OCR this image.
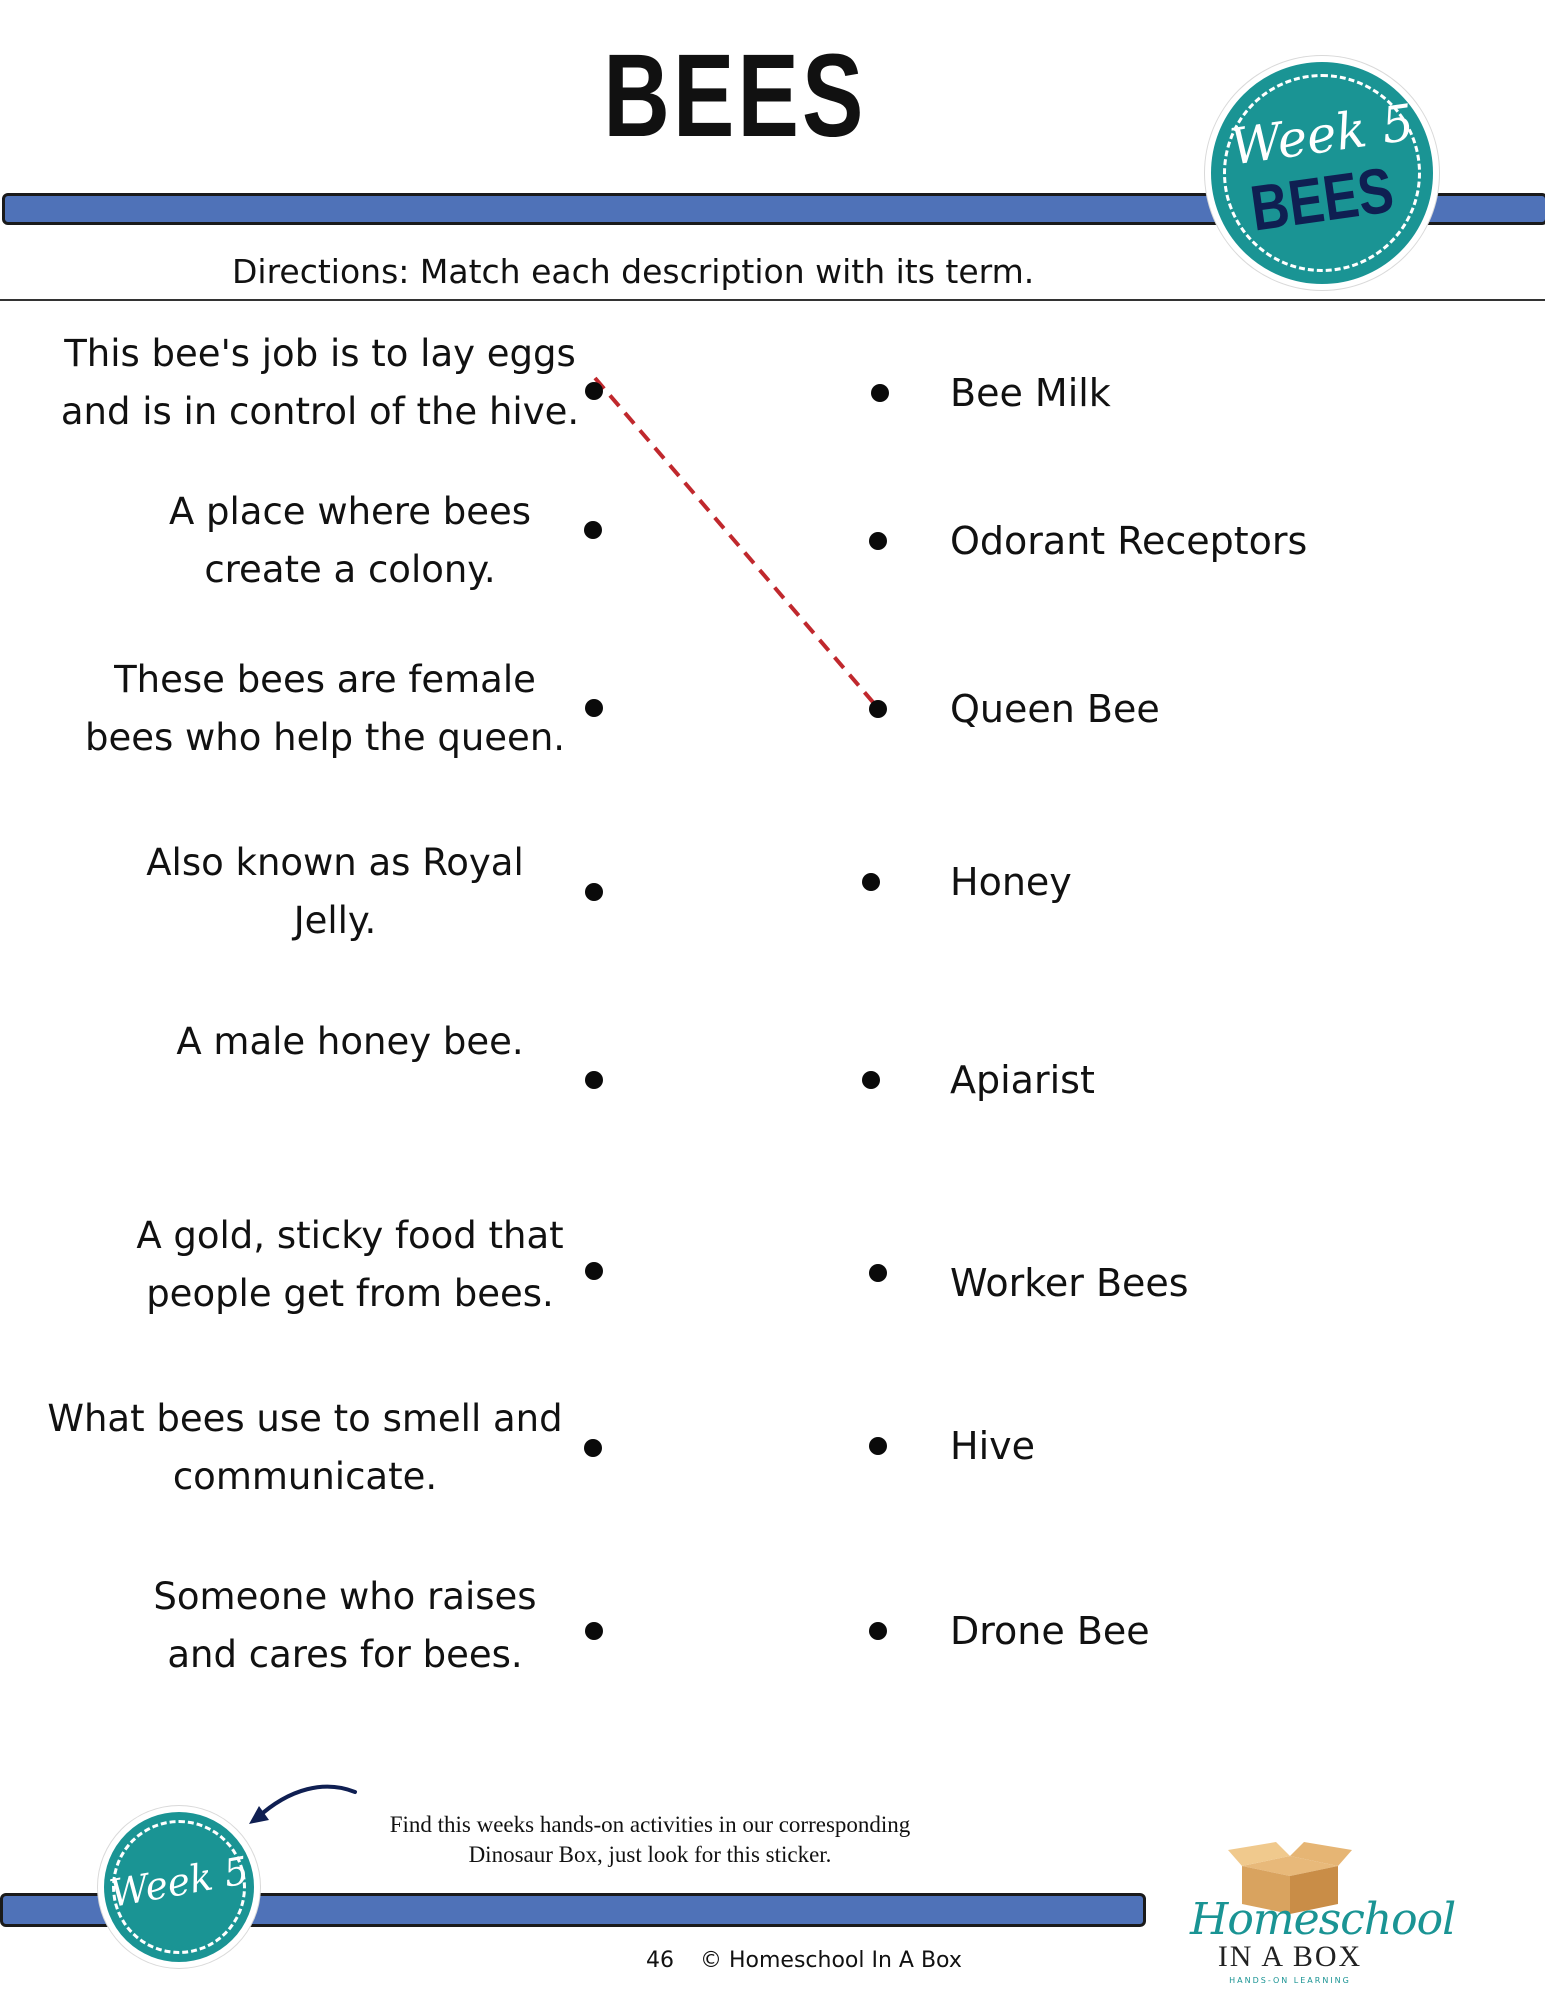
BEES	Week 5
BEES
Directions: Match each description with its term.
This bee's job is to lay eggs
and is in control of the hive.
A place where bees
create a colony.
These bees are female
bees who help the queen.
Also known as Royal
Jelly.
A male honey bee.
A gold, sticky food that
people get from bees.
What bees use to smell and
communicate.
Someone who raises
and cares for bees.
Bee Milk
Odorant Receptors
Queen Bee
Honey
Apiarist
Worker Bees
Hive
Drone Bee
Find this weeks hands-on activities in our corresponding
Dinosaur Box, just look for this sticker.
Week 5
46 © Homeschool In A Box
Homeschool
IN A BOX
HANDS-ON LEARNING
